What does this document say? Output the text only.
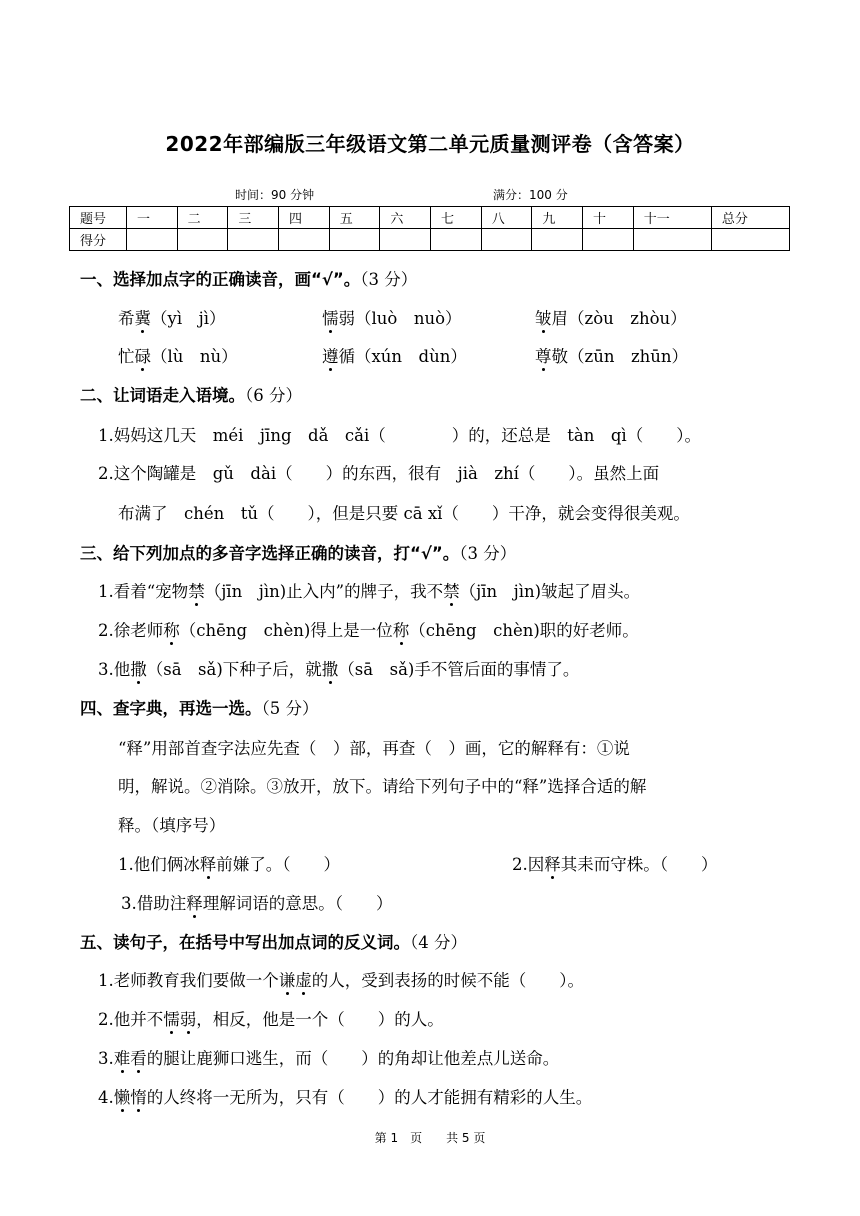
2022年部编版三年级语文第二单元质量测评卷（含答案）
时间：90 分钟	满分：100 分
题号	一	二	三	四	五	六	七	八	九	十	十一	总分
得分												
一、选择加点字的正确读音，画“√”。（3 分）
希冀（yì　jì）	懦弱（luò　nuò）	皱眉（zòu　zhòu）
忙碌（lù　nù）	遵循（xún　dùn）	尊敬（zūn　zhūn）
二、让词语走入语境。（6 分）
1.妈妈这几天　méi　jīng　dǎ　cǎi（　　　　）的，还总是　tàn　qì（　　）。
2.这个陶罐是　gǔ　dài（　　）的东西，很有　jià　zhí（　　）。虽然上面
布满了　chén　tǔ（　　），但是只要 cā xǐ（　　）干净，就会变得很美观。
三、给下列加点的多音字选择正确的读音，打“√”。（3 分）
1.看着“宠物禁（jīn　jìn)止入内”的牌子，我不禁（jīn　jìn)皱起了眉头。
2.徐老师称（chēng　chèn)得上是一位称（chēng　chèn)职的好老师。
3.他撒（sā　sǎ)下种子后，就撒（sā　sǎ)手不管后面的事情了。
四、查字典，再选一选。（5 分）
“释”用部首查字法应先查（　）部，再查（　）画，它的解释有：①说
明，解说。②消除。③放开，放下。请给下列句子中的“释”选择合适的解
释。（填序号）
1.他们俩冰释前嫌了。（　　）	2.因释其耒而守株。（　　）
3.借助注释理解词语的意思。（　　）
五、读句子，在括号中写出加点词的反义词。（4 分）
1.老师教育我们要做一个谦虚的人，受到表扬的时候不能（　　）。
2.他并不懦弱，相反，他是一个（　　）的人。
3.难看的腿让鹿狮口逃生，而（　　）的角却让他差点儿送命。
4.懒惰的人终将一无所为，只有（　　）的人才能拥有精彩的人生。
第 1　页　　共 5 页
